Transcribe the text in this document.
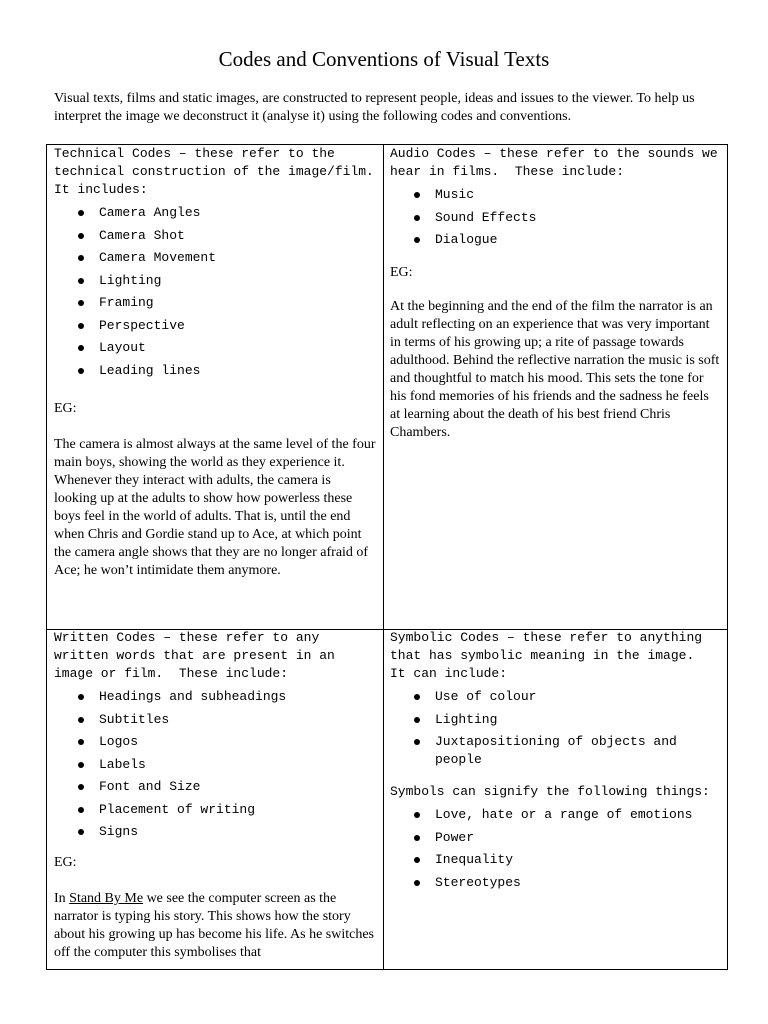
Codes and Conventions of Visual Texts
Visual texts, films and static images, are constructed to represent people, ideas and issues to the viewer. To help us interpret the image we deconstruct it (analyse it) using the following codes and conventions.

Technical Codes – these refer to the technical construction of the image/film.  It includes:

Camera Angles
Camera Shot
Camera Movement
Lighting
Framing
Perspective
Layout
Leading lines

EG:

The camera is almost always at the same level of the four main boys, showing the world as they experience it. Whenever they interact with adults, the camera is looking up at the adults to show how powerless these boys feel in the world of adults. That is, until the end when Chris and Gordie stand up to Ace, at which point the camera angle shows that they are no longer afraid of Ace; he won’t intimidate them anymore.

Audio Codes – these refer to the sounds we hear in films.  These include:

Music
Sound Effects
Dialogue

EG:

At the beginning and the end of the film the narrator is an adult reflecting on an experience that was very important in terms of his growing up; a rite of passage towards adulthood. Behind the reflective narration the music is soft and thoughtful to match his mood. This sets the tone for his fond memories of his friends and the sadness he feels at learning about the death of his best friend Chris Chambers.

Written Codes – these refer to any written words that are present in an image or film.  These include:

Headings and subheadings
Subtitles
Logos
Labels
Font and Size
Placement of writing
Signs

EG:

In Stand By Me we see the computer screen as the narrator is typing his story. This shows how the story about his growing up has become his life. As he switches off the computer this symbolises that

Symbolic Codes – these refer to anything that has symbolic meaning in the image.  It can include:

Use of colour
Lighting
Juxtapositioning of objects and people

Symbols can signify the following things:

Love, hate or a range of emotions
Power
Inequality
Stereotypes
